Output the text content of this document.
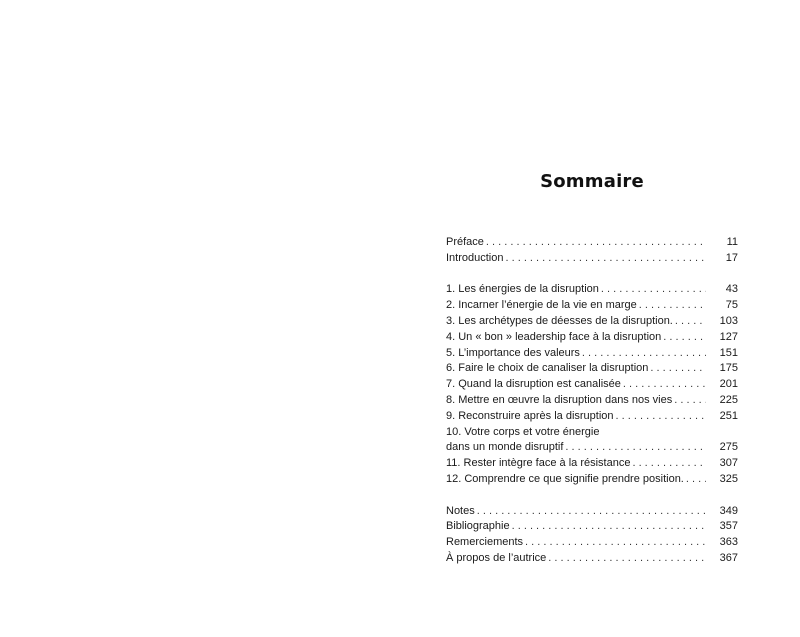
Sommaire
Préface . . .	11
Introduction . . .	17
1. Les énergies de la disruption . . .	43
2. Incarner l’énergie de la vie en marge . . .	75
3. Les archétypes de déesses de la disruption. . . .	103
4. Un « bon » leadership face à la disruption . . .	127
5. L’importance des valeurs . . .	151
6. Faire le choix de canaliser la disruption . . .	175
7. Quand la disruption est canalisée . . .	201
8. Mettre en œuvre la disruption dans nos vies . . .	225
9. Reconstruire après la disruption . . .	251
10. Votre corps et votre énergie
dans un monde disruptif . . .	275
11. Rester intègre face à la résistance . . .	307
12. Comprendre ce que signifie prendre position. . . .	325
Notes . . .	349
Bibliographie . . .	357
Remerciements . . .	363
À propos de l’autrice . . .	367
